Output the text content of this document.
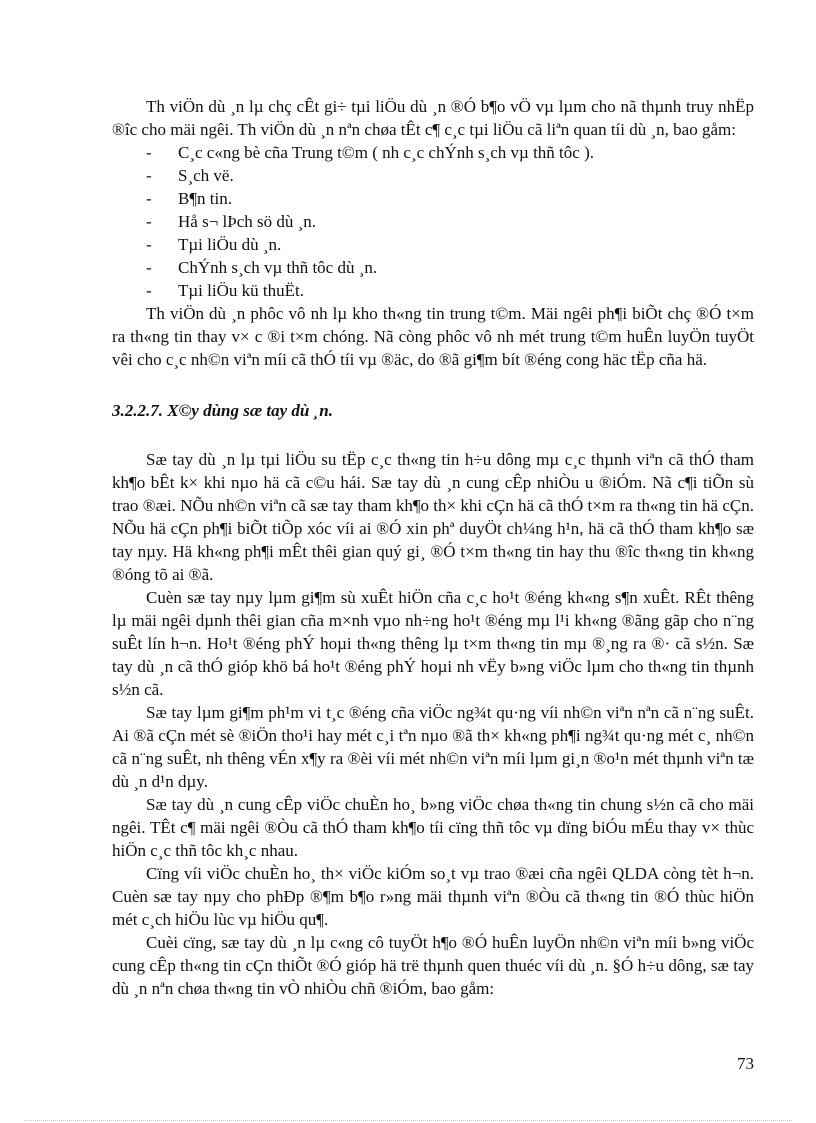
Th viÖn dù ¸n lµ chç cÊt gi÷ tµi liÖu dù ¸n ®Ó b¶o vÖ vµ lµm cho nã thµnh truy nhËp ®îc cho mäi ngêi. Th viÖn dù ¸n nªn chøa tÊt c¶ c¸c tµi liÖu cã liªn quan tíi dù ¸n, bao gåm:

- C¸c c«ng bè cña Trung t©m ( nh c¸c chÝnh s¸ch vµ thñ tôc ).
- S¸ch vë.
- B¶n tin.
- Hå s¬ lÞch sö dù ¸n.
- Tµi liÖu dù ¸n.
- ChÝnh s¸ch vµ thñ tôc dù ¸n.
- Tµi liÖu kü thuËt.

Th viÖn dù ¸n phôc vô nh lµ kho th«ng tin trung t©m. Mäi ngêi ph¶i biÕt chç ®Ó t×m ra th«ng tin thay v× c ®i t×m chóng. Nã còng phôc vô nh mét trung t©m huÊn luyÖn tuyÖt vêi cho c¸c nh©n viªn míi cã thÓ tíi vµ ®äc, do ®ã gi¶m bít ®éng cong häc tËp cña hä.

3.2.2.7. X©y dùng sæ tay dù ¸n.

Sæ tay dù ¸n lµ tµi liÖu su tËp c¸c th«ng tin h÷u dông mµ c¸c thµnh viªn cã thÓ tham kh¶o bÊt k× khi nµo hä cã c©u hái. Sæ tay dù ¸n cung cÊp nhiÒu u ®iÓm. Nã c¶i tiÕn sù trao ®æi. NÕu nh©n viªn cã sæ tay tham kh¶o th× khi cÇn hä cã thÓ t×m ra th«ng tin hä cÇn. NÕu hä cÇn ph¶i biÕt tiÕp xóc víi ai ®Ó xin phª duyÖt ch¼ng h¹n, hä cã thÓ tham kh¶o sæ tay nµy. Hä kh«ng ph¶i mÊt thêi gian quý gi¸ ®Ó t×m th«ng tin hay thu ®îc th«ng tin kh«ng ®óng tõ ai ®ã.

Cuèn sæ tay nµy lµm gi¶m sù xuÊt hiÖn cña c¸c ho¹t ®éng kh«ng s¶n xuÊt. RÊt thêng lµ mäi ngêi dµnh thêi gian cña m×nh vµo nh÷ng ho¹t ®éng mµ l¹i kh«ng ®ãng gãp cho n¨ng suÊt lín h¬n. Ho¹t ®éng phÝ hoµi th«ng thêng lµ t×m th«ng tin mµ ®¸ng ra ®· cã s½n. Sæ tay dù ¸n cã thÓ gióp khö bá ho¹t ®éng phÝ hoµi nh vËy b»ng viÖc lµm cho th«ng tin thµnh s½n cã.

Sæ tay lµm gi¶m ph¹m vi t¸c ®éng cña viÖc ng¾t qu·ng víi nh©n viªn nªn cã n¨ng suÊt. Ai ®ã cÇn mét sè ®iÖn tho¹i hay mét c¸i tªn nµo ®ã th× kh«ng ph¶i ng¾t qu·ng mét c¸ nh©n cã n¨ng suÊt, nh thêng vÉn x¶y ra ®èi víi mét nh©n viªn míi lµm gi¸n ®o¹n mét thµnh viªn tæ dù ¸n d¹n dµy.

Sæ tay dù ¸n cung cÊp viÖc chuÈn ho¸ b»ng viÖc chøa th«ng tin chung s½n cã cho mäi ngêi. TÊt c¶ mäi ngêi ®Òu cã thÓ tham kh¶o tíi cïng thñ tôc vµ dïng biÓu mÉu thay v× thùc hiÖn c¸c thñ tôc kh¸c nhau.

Cïng víi viÖc chuÈn ho¸ th× viÖc kiÓm so¸t vµ trao ®æi cña ngêi QLDA còng tèt h¬n. Cuèn sæ tay nµy cho phÐp ®¶m b¶o r»ng mäi thµnh viªn ®Òu cã th«ng tin ®Ó thùc hiÖn mét c¸ch hiÖu lùc vµ hiÖu qu¶.

Cuèi cïng, sæ tay dù ¸n lµ c«ng cô tuyÖt h¶o ®Ó huÊn luyÖn nh©n viªn míi b»ng viÖc cung cÊp th«ng tin cÇn thiÕt ®Ó gióp hä trë thµnh quen thuéc víi dù ¸n. §Ó h÷u dông, sæ tay dù ¸n nªn chøa th«ng tin vÒ nhiÒu chñ ®iÓm, bao gåm:

73
